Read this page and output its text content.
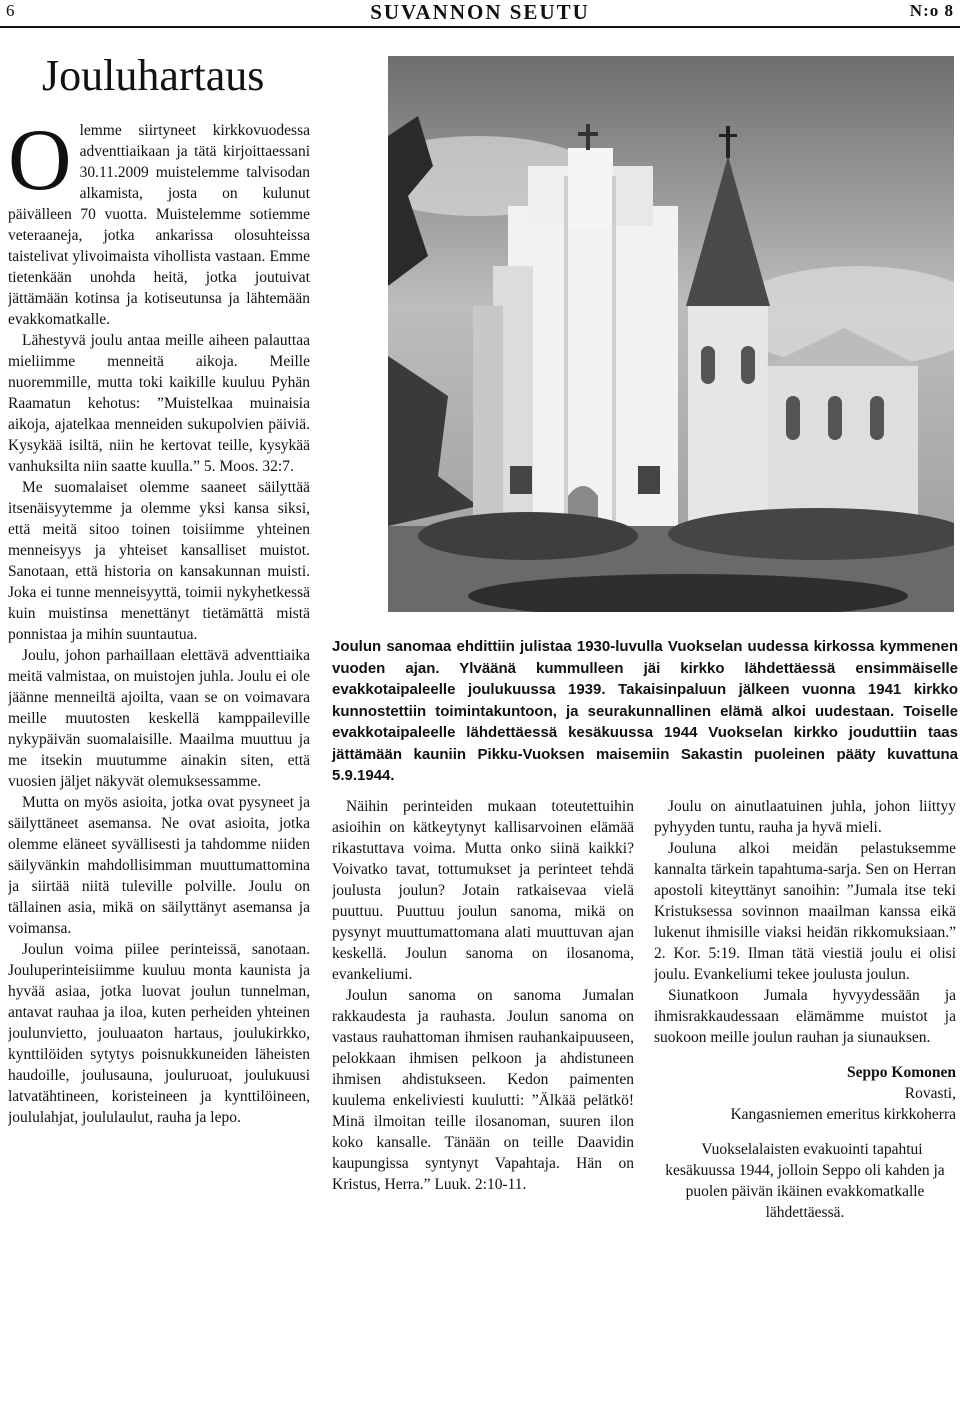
6	SUVANNON SEUTU	N:o 8
Jouluhartaus

Joulun sanomaa ehdittiin julistaa 1930-luvulla Vuokselan uudessa kirkossa kymmenen vuoden ajan. Ylväänä kummulleen jäi kirkko lähdettäessä ensimmäiselle evakkotaipaleelle joulukuussa 1939. Takaisinpaluun jälkeen vuonna 1941 kirkko kunnostettiin toimintakuntoon, ja seurakunnallinen elämä alkoi uudestaan. Toiselle evakkotaipaleelle lähdettäessä kesäkuussa 1944 Vuokselan kirkko jouduttiin taas jättämään kauniin Pikku-Vuoksen maisemiin Sakastin puoleinen pääty kuvattuna 5.9.1944.

Olemme siirtyneet kirkkovuodessa adventtiaikaan ja tätä kirjoittaessani 30.11.2009 muistelemme talvisodan alkamista, josta on kulunut päivälleen 70 vuotta. Muistelemme sotiemme veteraaneja, jotka ankarissa olosuhteissa taistelivat ylivoimaista vihollista vastaan. Emme tietenkään unohda heitä, jotka joutuivat jättämään kotinsa ja kotiseutunsa ja lähtemään evakkomatkalle.

Lähestyvä joulu antaa meille aiheen palauttaa mieliimme menneitä aikoja. Meille nuoremmille, mutta toki kaikille kuuluu Pyhän Raamatun kehotus: ”Muistelkaa muinaisia aikoja, ajatelkaa menneiden sukupolvien päiviä. Kysykää isiltä, niin he kertovat teille, kysykää vanhuksilta niin saatte kuulla.” 5. Moos. 32:7.

Me suomalaiset olemme saaneet säilyttää itsenäisyytemme ja olemme yksi kansa siksi, että meitä sitoo toinen toisiimme yhteinen menneisyys ja yhteiset kansalliset muistot. Sanotaan, että historia on kansakunnan muisti. Joka ei tunne menneisyyttä, toimii nykyhetkessä kuin muistinsa menettänyt tietämättä mistä ponnistaa ja mihin suuntautua.

Joulu, johon parhaillaan elettävä adventtiaika meitä valmistaa, on muistojen juhla. Joulu ei ole jäänne menneiltä ajoilta, vaan se on voimavara meille muutosten keskellä kamppaileville nykypäivän suomalaisille. Maailma muuttuu ja me itsekin muutumme ainakin siten, että vuosien jäljet näkyvät olemuksessamme.

Mutta on myös asioita, jotka ovat pysyneet ja säilyttäneet asemansa. Ne ovat asioita, jotka olemme eläneet syvällisesti ja tahdomme niiden säilyvänkin mahdollisimman muuttumattomina ja siirtää niitä tuleville polville. Joulu on tällainen asia, mikä on säilyttänyt asemansa ja voimansa.

Joulun voima piilee perinteissä, sanotaan. Jouluperinteisiimme kuuluu monta kaunista ja hyvää asiaa, jotka luovat joulun tunnelman, antavat rauhaa ja iloa, kuten perheiden yhteinen joulunvietto, jouluaaton hartaus, joulukirkko, kynttilöiden sytytys poisnukkuneiden läheisten haudoille, joulusauna, jouluruoat, joulukuusi latvatähtineen, koristeineen ja kynttilöineen, joululahjat, joululaulut, rauha ja lepo.

Näihin perinteiden mukaan toteutettuihin asioihin on kätkeytynyt kallisarvoinen elämää rikastuttava voima. Mutta onko siinä kaikki? Voivatko tavat, tottumukset ja perinteet tehdä joulusta joulun? Jotain ratkaisevaa vielä puuttuu. Puuttuu joulun sanoma, mikä on pysynyt muuttumattomana alati muuttuvan ajan keskellä. Joulun sanoma on ilosanoma, evankeliumi.

Joulun sanoma on sanoma Jumalan rakkaudesta ja rauhasta. Joulun sanoma on vastaus rauhattoman ihmisen rauhankaipuuseen, pelokkaan ihmisen pelkoon ja ahdistuneen ihmisen ahdistukseen. Kedon paimenten kuulema enkeliviesti kuulutti: ”Älkää pelätkö! Minä ilmoitan teille ilosanoman, suuren ilon koko kansalle. Tänään on teille Daavidin kaupungissa syntynyt Vapahtaja. Hän on Kristus, Herra.” Luuk. 2:10-11.

Joulu on ainutlaatuinen juhla, johon liittyy pyhyyden tuntu, rauha ja hyvä mieli.

Jouluna alkoi meidän pelastuksemme kannalta tärkein tapahtuma-sarja. Sen on Herran apostoli kiteyttänyt sanoihin: ”Jumala itse teki Kristuksessa sovinnon maailman kanssa eikä lukenut ihmisille viaksi heidän rikkomuksiaan.” 2. Kor. 5:19. Ilman tätä viestiä joulu ei olisi joulu. Evankeliumi tekee joulusta joulun.

Siunatkoon Jumala hyvyydessään ja ihmisrakkaudessaan elämämme muistot ja suokoon meille joulun rauhan ja siunauksen.

Seppo Komonen

Rovasti,

Kangasniemen emeritus kirkkoherra

Vuokselalaisten evakuointi tapahtui kesäkuussa 1944, jolloin Seppo oli kahden ja puolen päivän ikäinen evakkomatkalle lähdettäessä.
